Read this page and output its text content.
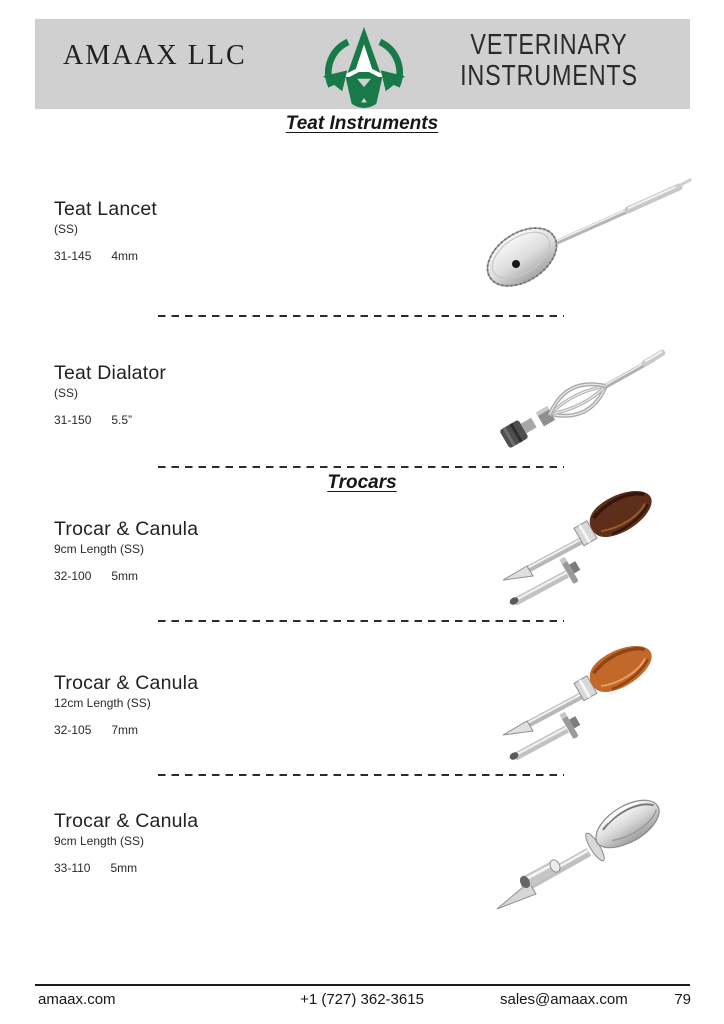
AMAAX LLC	VETERINARY
INSTRUMENTS
Teat Instruments
Trocars
Teat Lancet
(SS)
31-145 4mm
Teat Dialator
(SS)
31-150 5.5”
Trocar & Canula
9cm Length (SS)
32-100 5mm
Trocar & Canula
12cm Length (SS)
32-105 7mm
Trocar & Canula
9cm Length (SS)
33-110 5mm
amaax.com	+1 (727) 362-3615	sales@amaax.com	79
